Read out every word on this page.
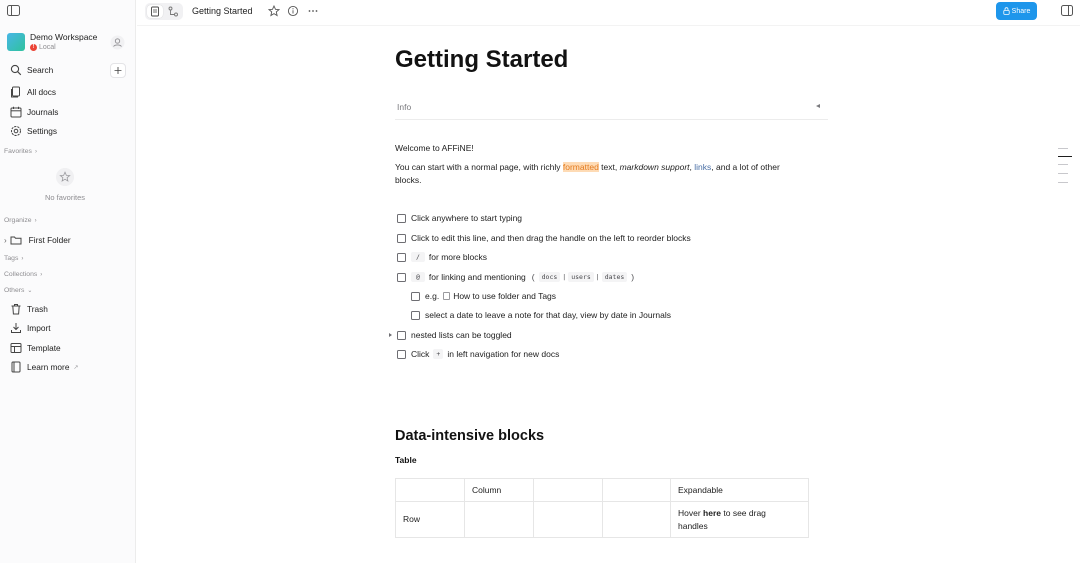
Demo Workspace
! Local
Search
All docs
Journals
Settings
Favorites ›
No favorites
Organize ›
›	First Folder
Tags ›
Collections ›
Others ⌄
Trash
Import
Template
Learn more ↗
Getting Started	Share
Getting Started
Info
Welcome to AFFiNE!
You can start with a normal page, with richly formatted text, markdown support, links, and a lot of other
blocks.
Click anywhere to start typing
Click to edit this line, and then drag the handle on the left to reorder blocks
/	for more blocks
@	for linking and mentioning (	docs | users | dates )
e.g. How to use folder and Tags
select a date to leave a note for that day, view by date in Journals
nested lists can be toggled
Click	+ in left navigation for new docs
Data-intensive blocks
Table
	Column			Expandable
Row				Hover here to see drag
handles
